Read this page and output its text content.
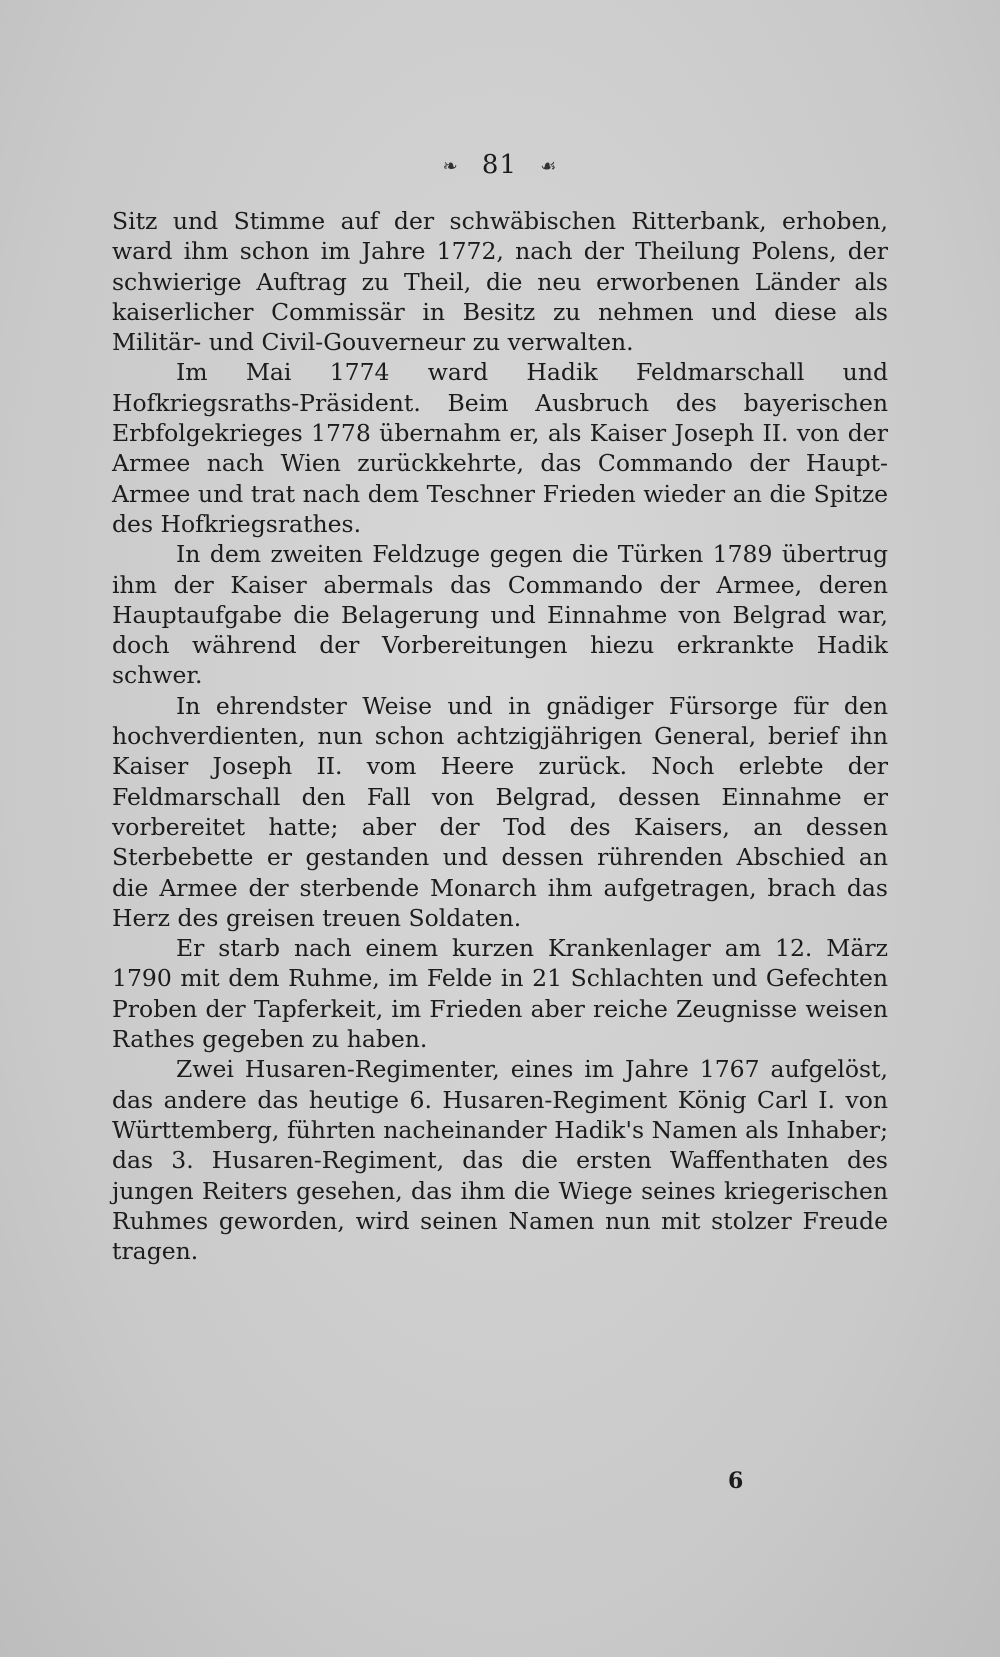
❧ 81 ☙

Sitz und Stimme auf der schwäbischen Ritterbank, erhoben, ward ihm schon im Jahre 1772, nach der Theilung Polens, der schwierige Auftrag zu Theil, die neu erworbenen Länder als kaiserlicher Commissär in Besitz zu nehmen und diese als Militär- und Civil-Gouverneur zu verwalten.

Im Mai 1774 ward Hadik Feldmarschall und Hofkriegsraths-Präsident. Beim Ausbruch des bayerischen Erbfolgekrieges 1778 übernahm er, als Kaiser Joseph II. von der Armee nach Wien zurückkehrte, das Commando der Haupt-Armee und trat nach dem Teschner Frieden wieder an die Spitze des Hofkriegsrathes.

In dem zweiten Feldzuge gegen die Türken 1789 übertrug ihm der Kaiser abermals das Commando der Armee, deren Hauptaufgabe die Belagerung und Einnahme von Belgrad war, doch während der Vorbereitungen hiezu erkrankte Hadik schwer.

In ehrendster Weise und in gnädiger Fürsorge für den hochverdienten, nun schon achtzigjährigen General, berief ihn Kaiser Joseph II. vom Heere zurück. Noch erlebte der Feldmarschall den Fall von Belgrad, dessen Einnahme er vorbereitet hatte; aber der Tod des Kaisers, an dessen Sterbebette er gestanden und dessen rührenden Abschied an die Armee der sterbende Monarch ihm aufgetragen, brach das Herz des greisen treuen Soldaten.

Er starb nach einem kurzen Krankenlager am 12. März 1790 mit dem Ruhme, im Felde in 21 Schlachten und Gefechten Proben der Tapferkeit, im Frieden aber reiche Zeugnisse weisen Rathes gegeben zu haben.

Zwei Husaren-Regimenter, eines im Jahre 1767 aufgelöst, das andere das heutige 6. Husaren-Regiment König Carl I. von Württemberg, führten nacheinander Hadik's Namen als Inhaber; das 3. Husaren-Regiment, das die ersten Waffenthaten des jungen Reiters gesehen, das ihm die Wiege seines kriegerischen Ruhmes geworden, wird seinen Namen nun mit stolzer Freude tragen.

6
